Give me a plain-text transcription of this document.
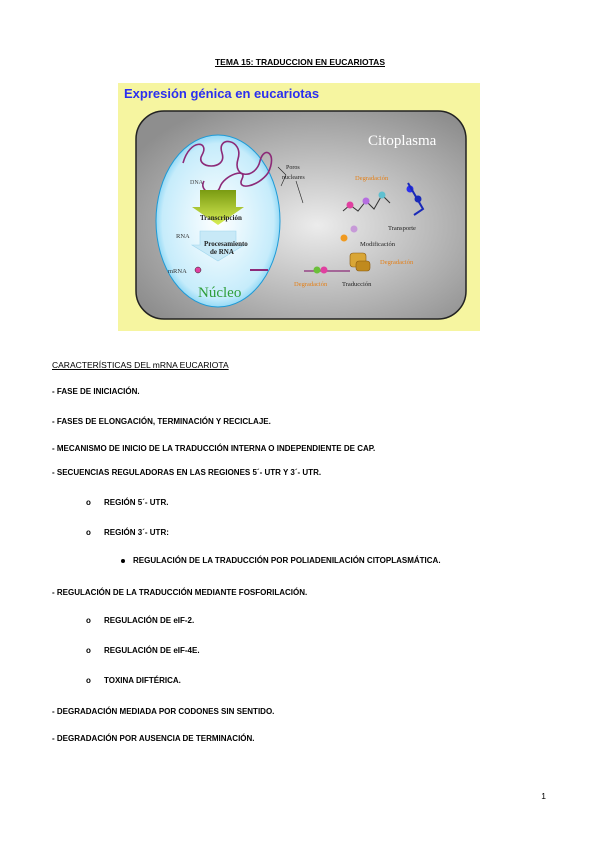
TEMA 15: TRADUCCION EN EUCARIOTAS
Expresión génica en eucariotas
Citoplasma
Núcleo
DNA
RNA
mRNA
Transcripción
Procesamiento
de RNA
Poros
nucleares	Degradación
Transporte
Modificación
Traducción
Degradación
Degradación
CARACTERÍSTICAS DEL mRNA EUCARIOTA
- FASE DE INICIACIÓN.
- FASES DE ELONGACIÓN, TERMINACIÓN Y RECICLAJE.
- MECANISMO DE INICIO DE LA TRADUCCIÓN INTERNA O INDEPENDIENTE DE CAP.
- SECUENCIAS REGULADORAS EN LAS REGIONES 5´- UTR Y 3´- UTR.
o REGIÓN 5´- UTR.
o REGIÓN 3´- UTR:
REGULACIÓN DE LA TRADUCCIÓN POR POLIADENILACIÓN CITOPLASMÁTICA.
- REGULACIÓN DE LA TRADUCCIÓN MEDIANTE FOSFORILACIÓN.
o REGULACIÓN DE eIF-2.
o REGULACIÓN DE eIF-4E.
o TOXINA DIFTÉRICA.
- DEGRADACIÓN MEDIADA POR CODONES SIN SENTIDO.
- DEGRADACIÓN POR AUSENCIA DE TERMINACIÓN.
1
